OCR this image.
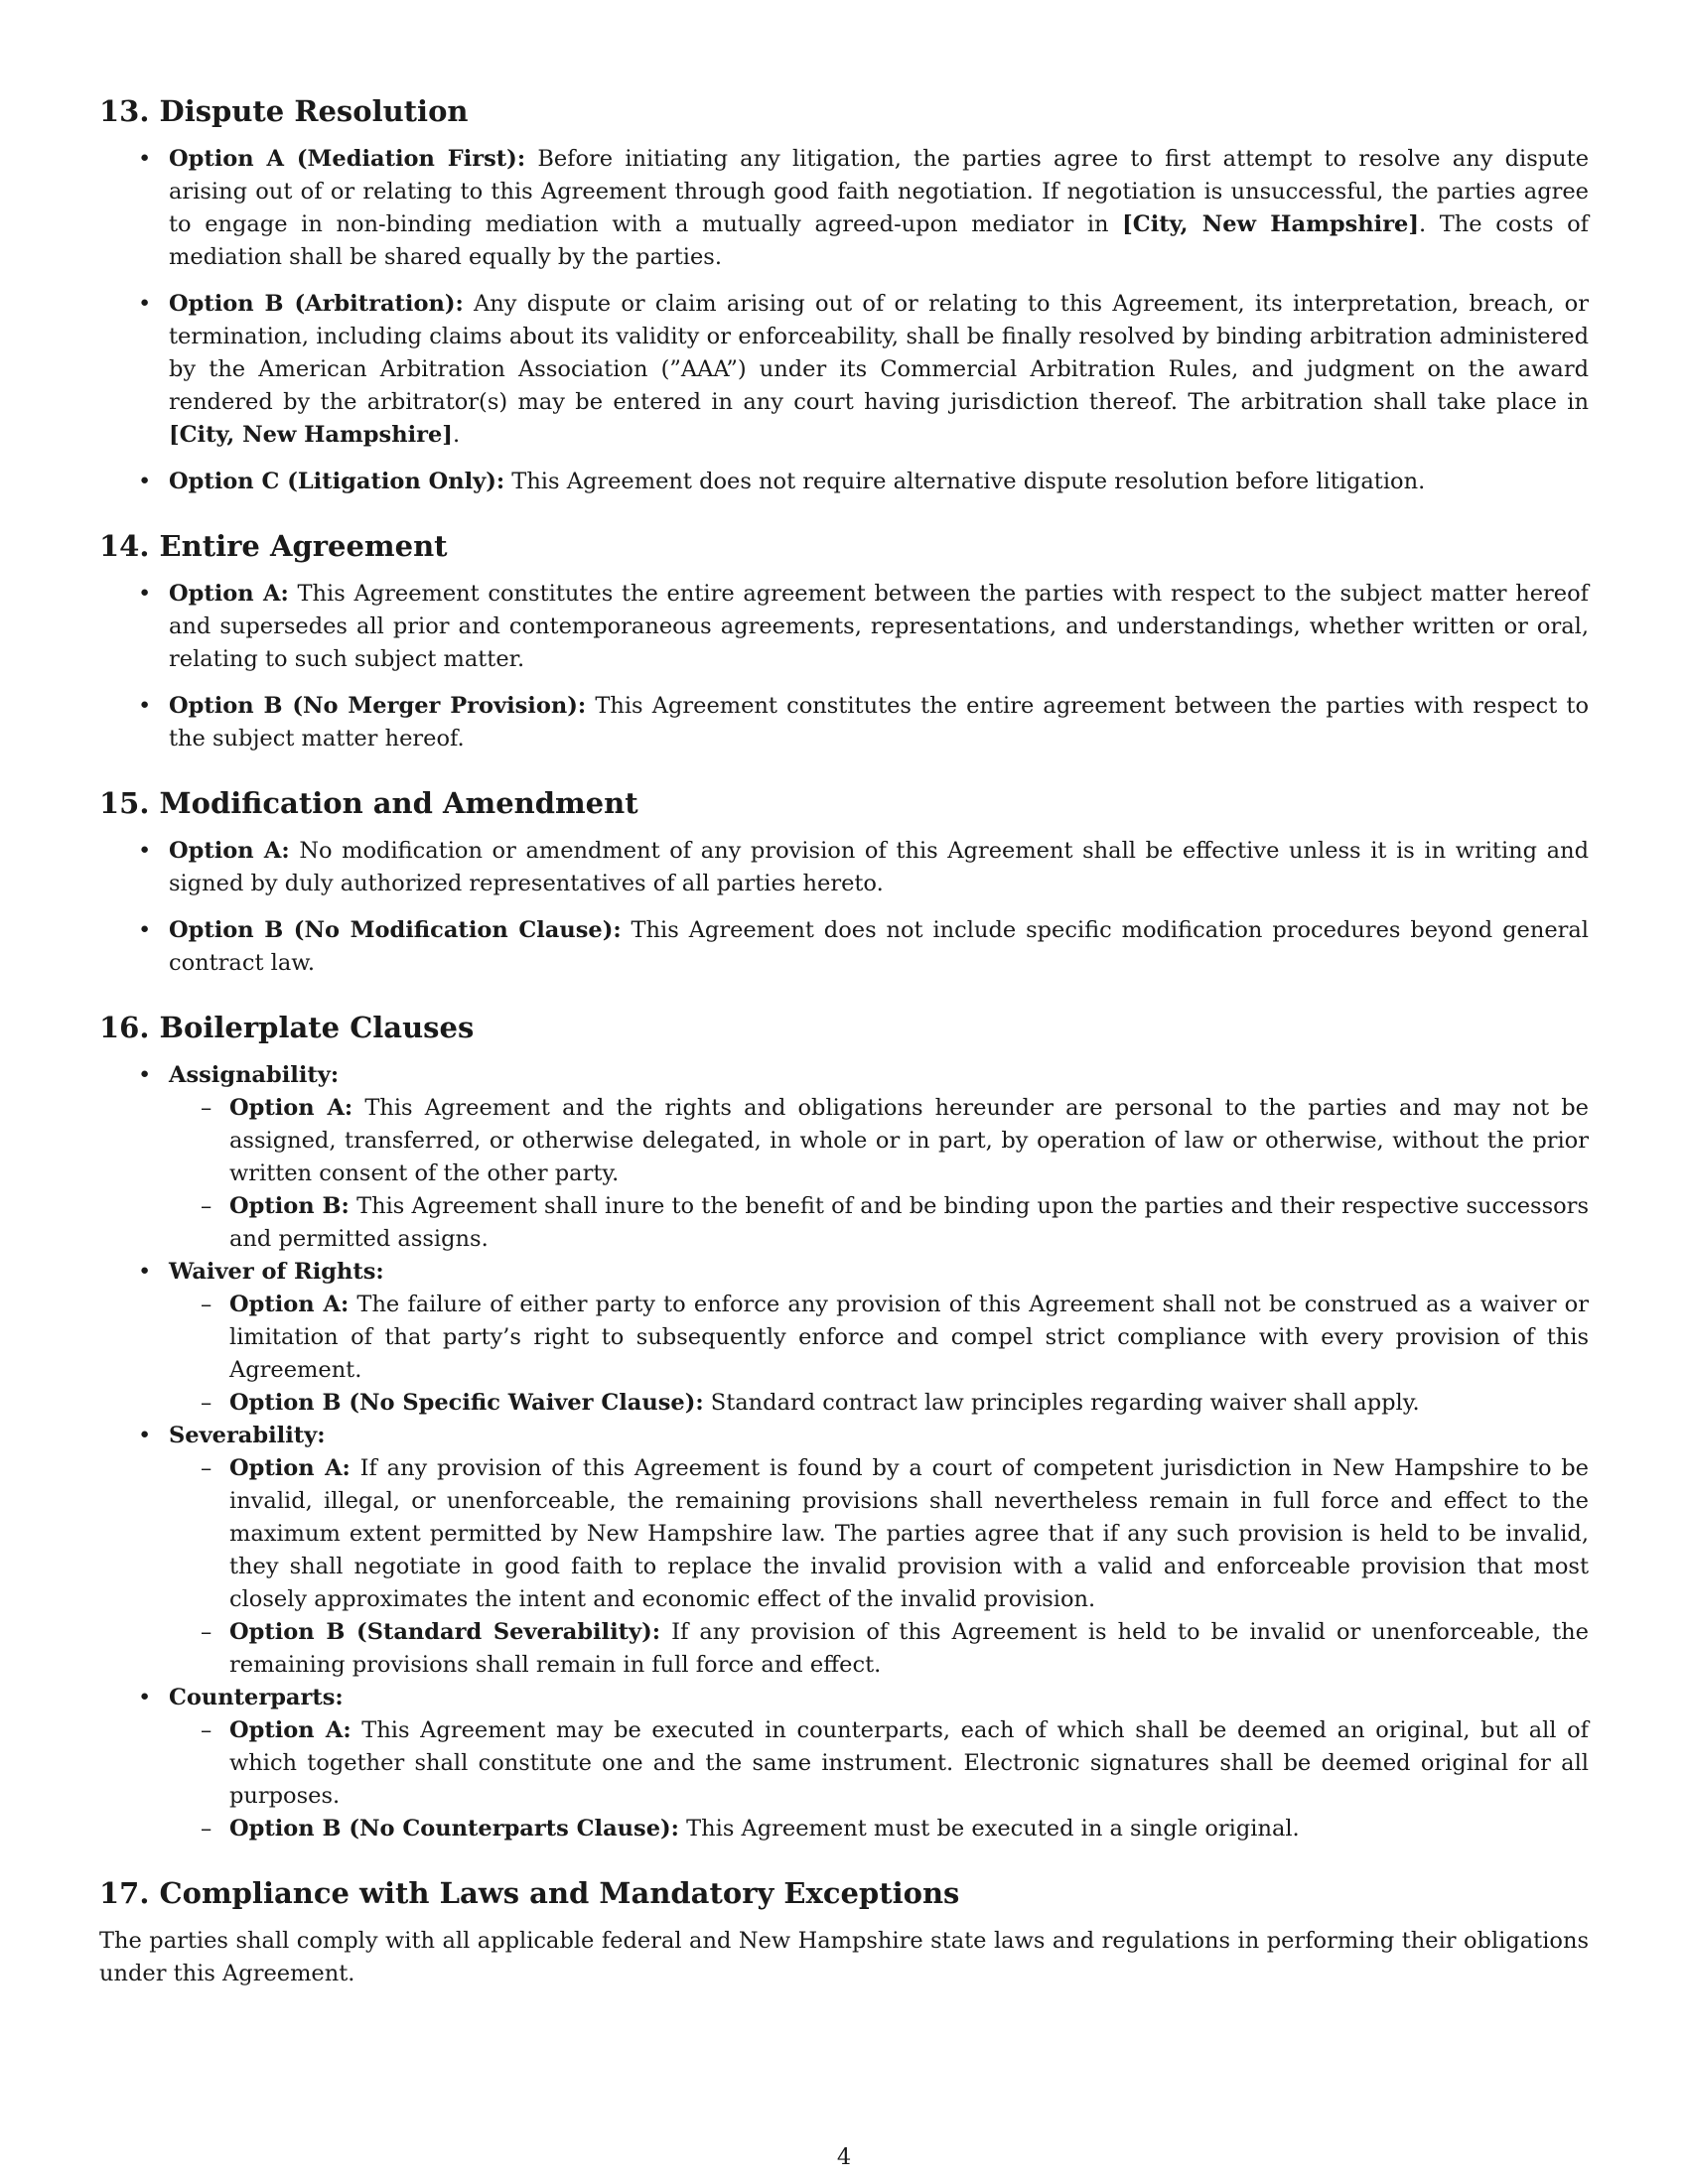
13. Dispute Resolution
• Option A (Mediation First): Before initiating any litigation, the parties agree to first attempt to resolve any dispute arising out of or relating to this Agreement through good faith negotiation. If negotiation is unsuccessful, the parties agree to engage in non-binding mediation with a mutually agreed-upon mediator in [City, New Hampshire]. The costs of mediation shall be shared equally by the parties.
• Option B (Arbitration): Any dispute or claim arising out of or relating to this Agreement, its interpretation, breach, or termination, including claims about its validity or enforceability, shall be finally resolved by binding arbitration administered by the American Arbitration Association (”AAA”) under its Commercial Arbitration Rules, and judgment on the award rendered by the arbitrator(s) may be entered in any court having jurisdiction thereof. The arbitration shall take place in [City, New Hampshire].
• Option C (Litigation Only): This Agreement does not require alternative dispute resolution before litigation.
14. Entire Agreement
• Option A: This Agreement constitutes the entire agreement between the parties with respect to the subject matter hereof and supersedes all prior and contemporaneous agreements, representations, and understandings, whether written or oral, relating to such subject matter.
• Option B (No Merger Provision): This Agreement constitutes the entire agreement between the parties with respect to the subject matter hereof.
15. Modification and Amendment
• Option A: No modification or amendment of any provision of this Agreement shall be effective unless it is in writing and signed by duly authorized representatives of all parties hereto.
• Option B (No Modification Clause): This Agreement does not include specific modification procedures beyond general contract law.
16. Boilerplate Clauses
• Assignability:
– Option A: This Agreement and the rights and obligations hereunder are personal to the parties and may not be assigned, transferred, or otherwise delegated, in whole or in part, by operation of law or otherwise, without the prior written consent of the other party.
– Option B: This Agreement shall inure to the benefit of and be binding upon the parties and their respective successors and permitted assigns.
• Waiver of Rights:
– Option A: The failure of either party to enforce any provision of this Agreement shall not be construed as a waiver or limitation of that party’s right to subsequently enforce and compel strict compliance with every provision of this Agreement.
– Option B (No Specific Waiver Clause): Standard contract law principles regarding waiver shall apply.
• Severability:
– Option A: If any provision of this Agreement is found by a court of competent jurisdiction in New Hampshire to be invalid, illegal, or unenforceable, the remaining provisions shall nevertheless remain in full force and effect to the maximum extent permitted by New Hampshire law. The parties agree that if any such provision is held to be invalid, they shall negotiate in good faith to replace the invalid provision with a valid and enforceable provision that most closely approximates the intent and economic effect of the invalid provision.
– Option B (Standard Severability): If any provision of this Agreement is held to be invalid or unenforceable, the remaining provisions shall remain in full force and effect.
• Counterparts:
– Option A: This Agreement may be executed in counterparts, each of which shall be deemed an original, but all of which together shall constitute one and the same instrument. Electronic signatures shall be deemed original for all purposes.
– Option B (No Counterparts Clause): This Agreement must be executed in a single original.
17. Compliance with Laws and Mandatory Exceptions

The parties shall comply with all applicable federal and New Hampshire state laws and regulations in performing their obligations under this Agreement.

4
